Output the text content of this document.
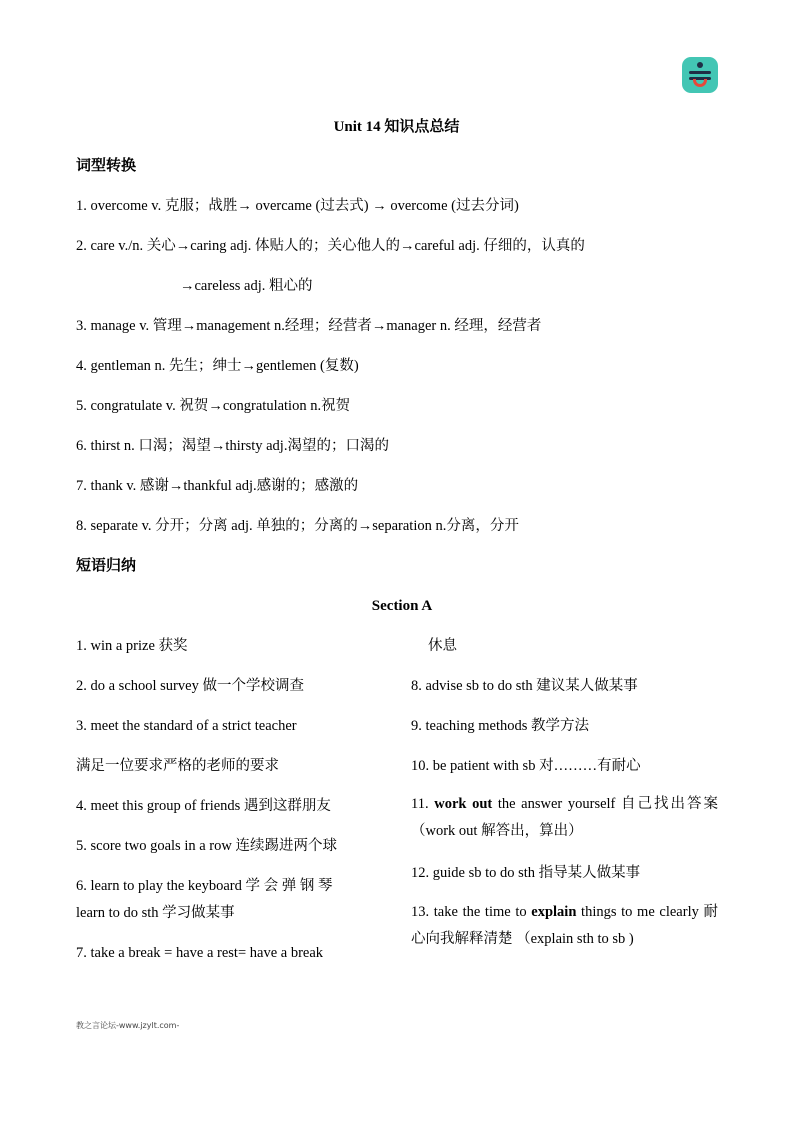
Unit 14 知识点总结
词型转换
1. overcome v. 克服；战胜→ overcame (过去式) → overcome (过去分词)
2. care v./n. 关心→caring adj. 体贴人的；关心他人的→careful adj. 仔细的，认真的
→careless adj. 粗心的
3. manage v. 管理→management n.经理；经营者→manager n. 经理，经营者
4. gentleman n. 先生；绅士→gentlemen (复数)
5. congratulate v. 祝贺→congratulation n.祝贺
6. thirst n. 口渴；渴望→thirsty adj.渴望的；口渴的
7. thank v. 感谢→thankful adj.感谢的；感激的
8. separate v. 分开；分离 adj. 单独的；分离的→separation n.分离，分开
短语归纳
Section A
1. win a prize 获奖
2. do a school survey 做一个学校调查
3. meet the standard of a strict teacher
满足一位要求严格的老师的要求
4. meet this group of friends 遇到这群朋友
5. score two goals in a row 连续踢进两个球
6. learn to play the keyboard 学 会 弹 钢 琴
learn to do sth 学习做某事
7. take a break = have a rest= have a break
休息
8. advise sb to do sth 建议某人做某事
9. teaching methods 教学方法
10. be patient with sb 对………有耐心
11. work out the answer yourself 自己找出答案 （work out 解答出，算出）
12. guide sb to do sth 指导某人做某事
13. take the time to explain things to me clearly 耐心向我解释清楚 （explain sth to sb )
教之言论坛-www.jzylt.com-
